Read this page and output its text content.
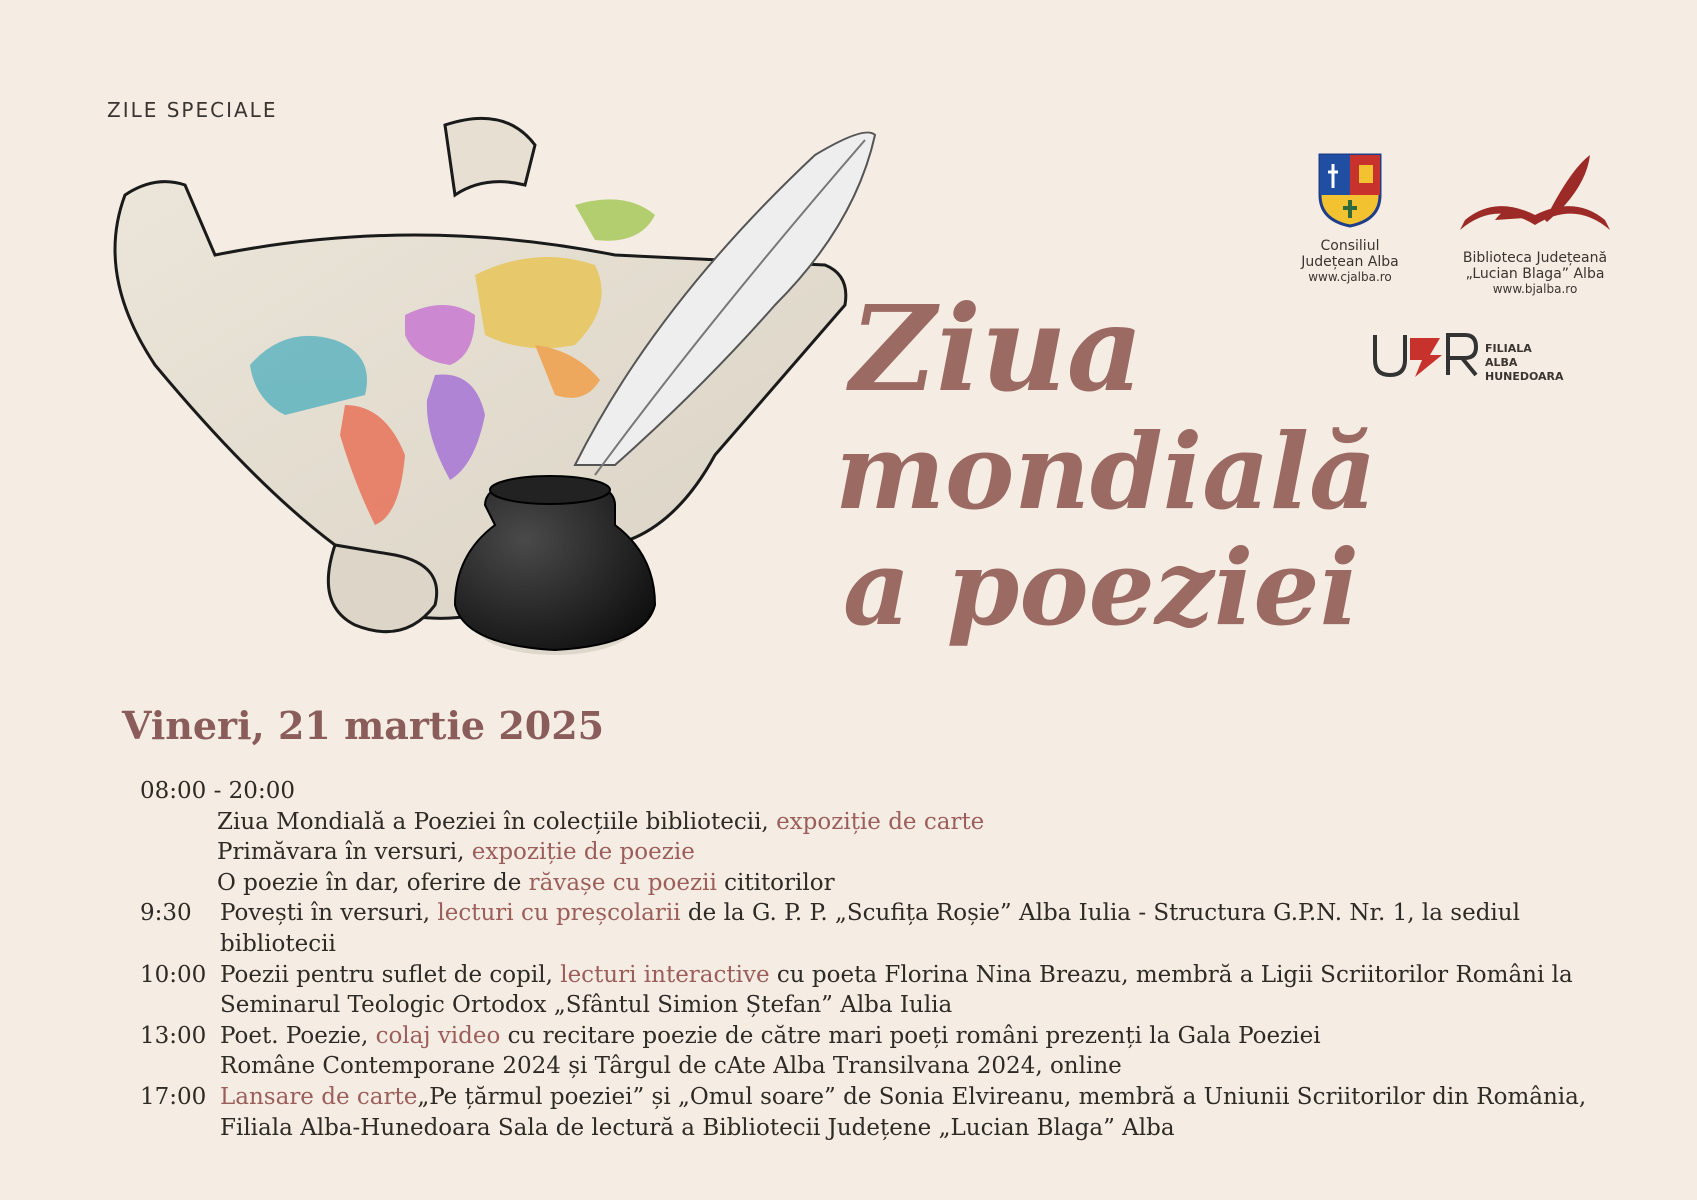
ZILE SPECIALE
Ziua
mondială
a poeziei
Consiliul
Județean Alba
www.cjalba.ro
Biblioteca Județeană
„Lucian Blaga” Alba
www.bjalba.ro
FILIALA
ALBA
HUNEDOARA
Vineri, 21 martie 2025
08:00 - 20:00
Ziua Mondială a Poeziei în colecțiile bibliotecii, expoziție de carte
Primăvara în versuri, expoziție de poezie
O poezie în dar, oferire de răvașe cu poezii cititorilor
9:30	Povești în versuri, lecturi cu preșcolarii de la G. P. P. „Scufița Roșie” Alba Iulia - Structura G.P.N. Nr. 1, la sediul bibliotecii
10:00 Poezii pentru suflet de copil, lecturi interactive cu poeta Florina Nina Breazu, membră a Ligii Scriitorilor Români la
Seminarul Teologic Ortodox „Sfântul Simion Ștefan” Alba Iulia
13:00 Poet. Poezie, colaj video cu recitare poezie de către mari poeți români prezenți la Gala Poeziei
Române Contemporane 2024 și Târgul de cAte Alba Transilvana 2024, online
17:00 Lansare de carte„Pe țărmul poeziei” și „Omul soare” de Sonia Elvireanu, membră a Uniunii Scriitorilor din România,
Filiala Alba-Hunedoara Sala de lectură a Bibliotecii Județene „Lucian Blaga” Alba
